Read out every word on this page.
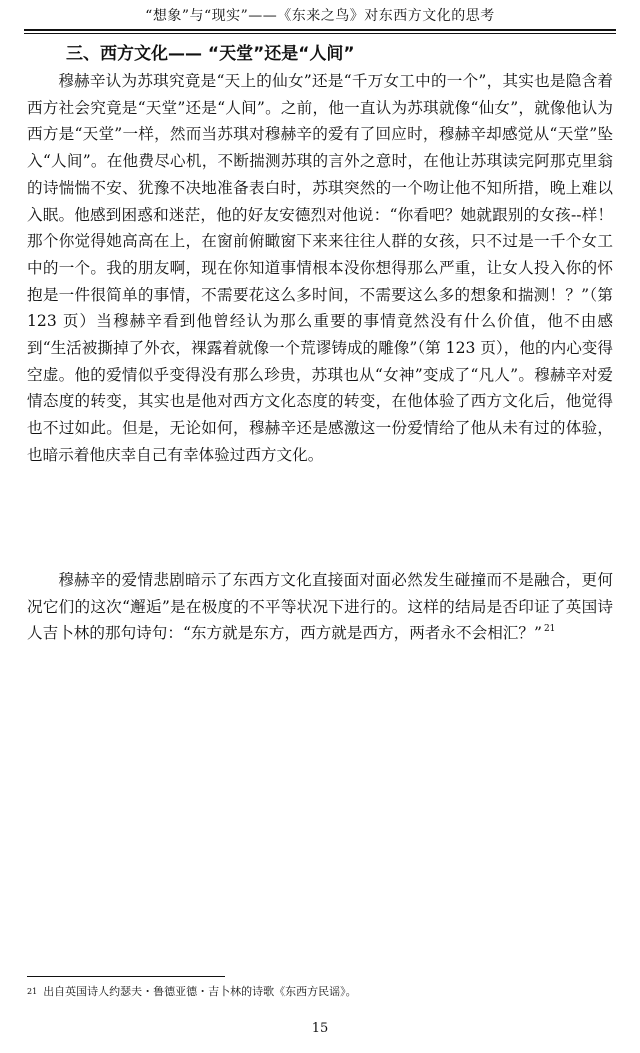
“想象”与“现实”——《东来之鸟》对东西方文化的思考
三、西方文化—— “天堂”还是“人间”

穆赫辛认为苏琪究竟是“天上的仙女”还是“千万女工中的一个”，其实也是隐含着西方社会究竟是“天堂”还是“人间”。之前，他一直认为苏琪就像“仙女”，就像他认为西方是“天堂”一样，然而当苏琪对穆赫辛的爱有了回应时，穆赫辛却感觉从“天堂”坠入“人间”。在他费尽心机，不断揣测苏琪的言外之意时，在他让苏琪读完阿那克里翁的诗惴惴不安、犹豫不决地准备表白时，苏琪突然的一个吻让他不知所措，晚上难以入眠。他感到困惑和迷茫，他的好友安德烈对他说：“你看吧？她就跟别的女孩--样！那个你觉得她高高在上，在窗前俯瞰窗下来来往往人群的女孩，只不过是一千个女工中的一个。我的朋友啊，现在你知道事情根本没你想得那么严重，让女人投入你的怀抱是一件很简单的事情，不需要花这么多时间，不需要这么多的想象和揣测！？”（第 123 页）当穆赫辛看到他曾经认为那么重要的事情竟然没有什么价值，他不由感到“生活被撕掉了外衣，裸露着就像一个荒谬铸成的雕像”（第 123 页），他的内心变得空虚。他的爱情似乎变得没有那么珍贵，苏琪也从“女神”变成了“凡人”。穆赫辛对爱情态度的转变，其实也是他对西方文化态度的转变，在他体验了西方文化后，他觉得也不过如此。但是，无论如何，穆赫辛还是感激这一份爱情给了他从未有过的体验，也暗示着他庆幸自己有幸体验过西方文化。

穆赫辛的爱情悲剧暗示了东西方文化直接面对面必然发生碰撞而不是融合，更何况它们的这次“邂逅”是在极度的不平等状况下进行的。这样的结局是否印证了英国诗人吉卜林的那句诗句：“东方就是东方，西方就是西方，两者永不会相汇？” $^{21}$

$^{21}$ 出自英国诗人约瑟夫・鲁德亚德・吉卜林的诗歌《东西方民谣》。
15
